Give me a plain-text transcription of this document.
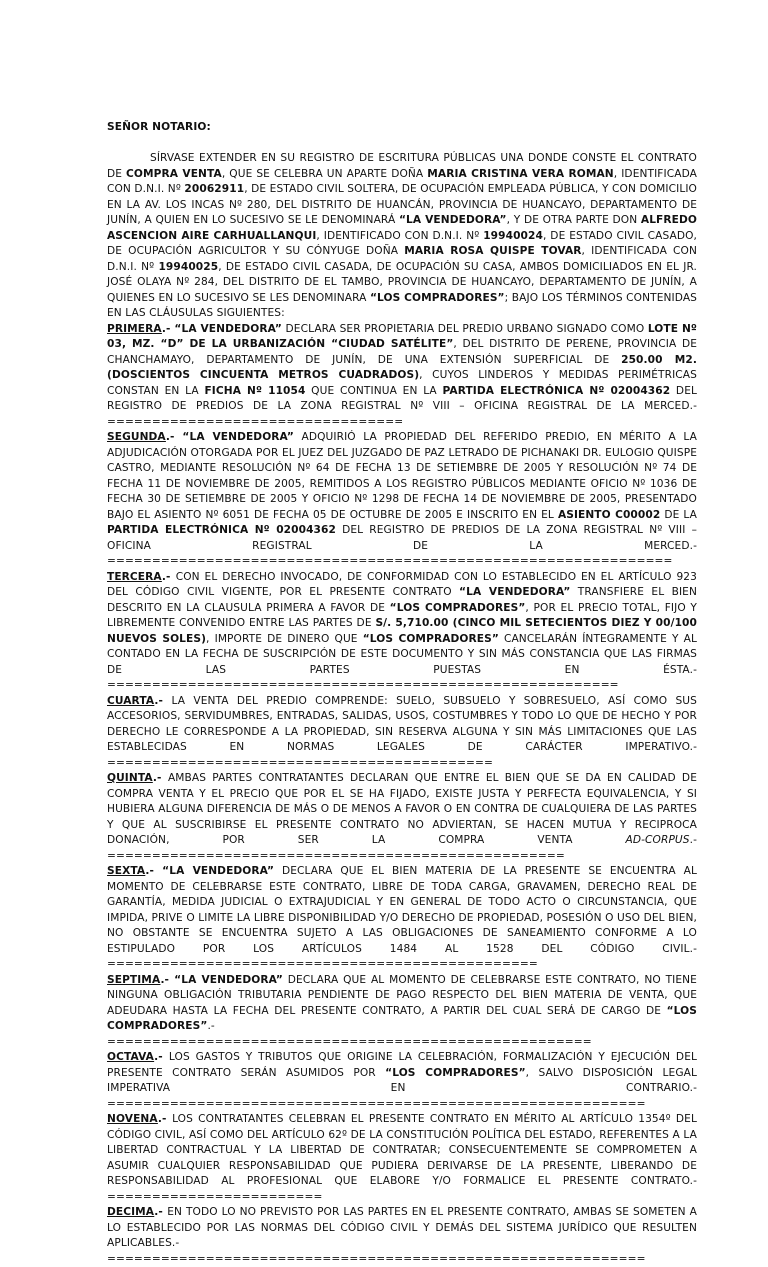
SEÑOR NOTARIO:

SÍRVASE EXTENDER EN SU REGISTRO DE ESCRITURA PÚBLICAS UNA DONDE CONSTE EL CONTRATO DE COMPRA VENTA, QUE SE CELEBRA UN APARTE DOÑA MARIA CRISTINA VERA ROMAN, IDENTIFICADA CON D.N.I. Nº 20062911, DE ESTADO CIVIL SOLTERA, DE OCUPACIÓN EMPLEADA PÚBLICA, Y CON DOMICILIO EN LA AV. LOS INCAS Nº 280, DEL DISTRITO DE HUANCÁN, PROVINCIA DE HUANCAYO, DEPARTAMENTO DE JUNÍN, A QUIEN EN LO SUCESIVO SE LE DENOMINARÁ “LA VENDEDORA”, Y DE OTRA PARTE DON ALFREDO ASCENCION AIRE CARHUALLANQUI, IDENTIFICADO CON D.N.I. Nº 19940024, DE ESTADO CIVIL CASADO, DE OCUPACIÓN AGRICULTOR Y SU CÓNYUGE DOÑA MARIA ROSA QUISPE TOVAR, IDENTIFICADA CON D.N.I. Nº 19940025, DE ESTADO CIVIL CASADA, DE OCUPACIÓN SU CASA, AMBOS DOMICILIADOS EN EL JR. JOSÉ OLAYA Nº 284, DEL DISTRITO DE EL TAMBO, PROVINCIA DE HUANCAYO, DEPARTAMENTO DE JUNÍN, A QUIENES EN LO SUCESIVO SE LES DENOMINARA “LOS COMPRADORES”; BAJO LOS TÉRMINOS CONTENIDAS EN LAS CLÁUSULAS SIGUIENTES:

PRIMERA.- “LA VENDEDORA” DECLARA SER PROPIETARIA DEL PREDIO URBANO SIGNADO COMO LOTE Nº 03, MZ. “D” DE LA URBANIZACIÓN “CIUDAD SATÉLITE”, DEL DISTRITO DE PERENE, PROVINCIA DE CHANCHAMAYO, DEPARTAMENTO DE JUNÍN, DE UNA EXTENSIÓN SUPERFICIAL DE 250.00 M2. (DOSCIENTOS CINCUENTA METROS CUADRADOS), CUYOS LINDEROS Y MEDIDAS PERIMÉTRICAS CONSTAN EN LA FICHA Nº 11054 QUE CONTINUA EN LA PARTIDA ELECTRÓNICA Nº 02004362 DEL REGISTRO DE PREDIOS DE LA ZONA REGISTRAL Nº VIII – OFICINA REGISTRAL DE LA MERCED.-=================================

SEGUNDA.- “LA VENDEDORA” ADQUIRIÓ LA PROPIEDAD DEL REFERIDO PREDIO, EN MÉRITO A LA ADJUDICACIÓN OTORGADA POR EL JUEZ DEL JUZGADO DE PAZ LETRADO DE PICHANAKI DR. EULOGIO QUISPE CASTRO, MEDIANTE RESOLUCIÓN Nº 64 DE FECHA 13 DE SETIEMBRE DE 2005 Y RESOLUCIÓN Nº 74 DE FECHA 11 DE NOVIEMBRE DE 2005, REMITIDOS A LOS REGISTRO PÚBLICOS MEDIANTE OFICIO Nº 1036 DE FECHA 30 DE SETIEMBRE DE 2005 Y OFICIO Nº 1298 DE FECHA 14 DE NOVIEMBRE DE 2005, PRESENTADO BAJO EL ASIENTO Nº 6051 DE FECHA 05 DE OCTUBRE DE 2005 E INSCRITO EN EL ASIENTO C00002 DE LA PARTIDA ELECTRÓNICA Nº 02004362 DEL REGISTRO DE PREDIOS DE LA ZONA REGISTRAL Nº VIII – OFICINA REGISTRAL DE LA MERCED.-===============================================================

TERCERA.- CON EL DERECHO INVOCADO, DE CONFORMIDAD CON LO ESTABLECIDO EN EL ARTÍCULO 923 DEL CÓDIGO CIVIL VIGENTE, POR EL PRESENTE CONTRATO “LA VENDEDORA” TRANSFIERE EL BIEN DESCRITO EN LA CLAUSULA PRIMERA A FAVOR DE “LOS COMPRADORES”, POR EL PRECIO TOTAL, FIJO Y LIBREMENTE CONVENIDO ENTRE LAS PARTES DE S/. 5,710.00 (CINCO MIL SETECIENTOS DIEZ Y 00/100 NUEVOS SOLES), IMPORTE DE DINERO QUE “LOS COMPRADORES” CANCELARÁN ÍNTEGRAMENTE Y AL CONTADO EN LA FECHA DE SUSCRIPCIÓN DE ESTE DOCUMENTO Y SIN MÁS CONSTANCIA QUE LAS FIRMAS DE LAS PARTES PUESTAS EN ÉSTA.-=========================================================

CUARTA.- LA VENTA DEL PREDIO COMPRENDE: SUELO, SUBSUELO Y SOBRESUELO, ASÍ COMO SUS ACCESORIOS, SERVIDUMBRES, ENTRADAS, SALIDAS, USOS, COSTUMBRES Y TODO LO QUE DE HECHO Y POR DERECHO LE CORRESPONDE A LA PROPIEDAD, SIN RESERVA ALGUNA Y SIN MÁS LIMITACIONES QUE LAS ESTABLECIDAS EN NORMAS LEGALES DE CARÁCTER IMPERATIVO.-===========================================

QUINTA.- AMBAS PARTES CONTRATANTES DECLARAN QUE ENTRE EL BIEN QUE SE DA EN CALIDAD DE COMPRA VENTA Y EL PRECIO QUE POR EL SE HA FIJADO, EXISTE JUSTA Y PERFECTA EQUIVALENCIA, Y SI HUBIERA ALGUNA DIFERENCIA DE MÁS O DE MENOS A FAVOR O EN CONTRA DE CUALQUIERA DE LAS PARTES Y QUE AL SUSCRIBIRSE EL PRESENTE CONTRATO NO ADVIERTAN, SE HACEN MUTUA Y RECIPROCA DONACIÓN, POR SER LA COMPRA VENTA AD-CORPUS.-===================================================

SEXTA.- “LA VENDEDORA” DECLARA QUE EL BIEN MATERIA DE LA PRESENTE SE ENCUENTRA AL MOMENTO DE CELEBRARSE ESTE CONTRATO, LIBRE DE TODA CARGA, GRAVAMEN, DERECHO REAL DE GARANTÍA, MEDIDA JUDICIAL O EXTRAJUDICIAL Y EN GENERAL DE TODO ACTO O CIRCUNSTANCIA, QUE IMPIDA, PRIVE O LIMITE LA LIBRE DISPONIBILIDAD Y/O DERECHO DE PROPIEDAD, POSESIÓN O USO DEL BIEN, NO OBSTANTE SE ENCUENTRA SUJETO A LAS OBLIGACIONES DE SANEAMIENTO CONFORME A LO ESTIPULADO POR LOS ARTÍCULOS 1484 AL 1528 DEL CÓDIGO CIVIL.-================================================

SEPTIMA.- “LA VENDEDORA” DECLARA QUE AL MOMENTO DE CELEBRARSE ESTE CONTRATO, NO TIENE NINGUNA OBLIGACIÓN TRIBUTARIA PENDIENTE DE PAGO RESPECTO DEL BIEN MATERIA DE VENTA, QUE ADEUDARA HASTA LA FECHA DEL PRESENTE CONTRATO, A PARTIR DEL CUAL SERÁ DE CARGO DE “LOS COMPRADORES”.-======================================================

OCTAVA.- LOS GASTOS Y TRIBUTOS QUE ORIGINE LA CELEBRACIÓN, FORMALIZACIÓN Y EJECUCIÓN DEL PRESENTE CONTRATO SERÁN ASUMIDOS POR “LOS COMPRADORES”, SALVO DISPOSICIÓN LEGAL IMPERATIVA EN CONTRARIO.-============================================================

NOVENA.- LOS CONTRATANTES CELEBRAN EL PRESENTE CONTRATO EN MÉRITO AL ARTÍCULO 1354º DEL CÓDIGO CIVIL, ASÍ COMO DEL ARTÍCULO 62º DE LA CONSTITUCIÓN POLÍTICA DEL ESTADO, REFERENTES A LA LIBERTAD CONTRACTUAL Y LA LIBERTAD DE CONTRATAR; CONSECUENTEMENTE SE COMPROMETEN A ASUMIR CUALQUIER RESPONSABILIDAD QUE PUDIERA DERIVARSE DE LA PRESENTE, LIBERANDO DE RESPONSABILIDAD AL PROFESIONAL QUE ELABORE Y/O FORMALICE EL PRESENTE CONTRATO.-========================

DECIMA.- EN TODO LO NO PREVISTO POR LAS PARTES EN EL PRESENTE CONTRATO, AMBAS SE SOMETEN A LO ESTABLECIDO POR LAS NORMAS DEL CÓDIGO CIVIL Y DEMÁS DEL SISTEMA JURÍDICO QUE RESULTEN APLICABLES.-============================================================
